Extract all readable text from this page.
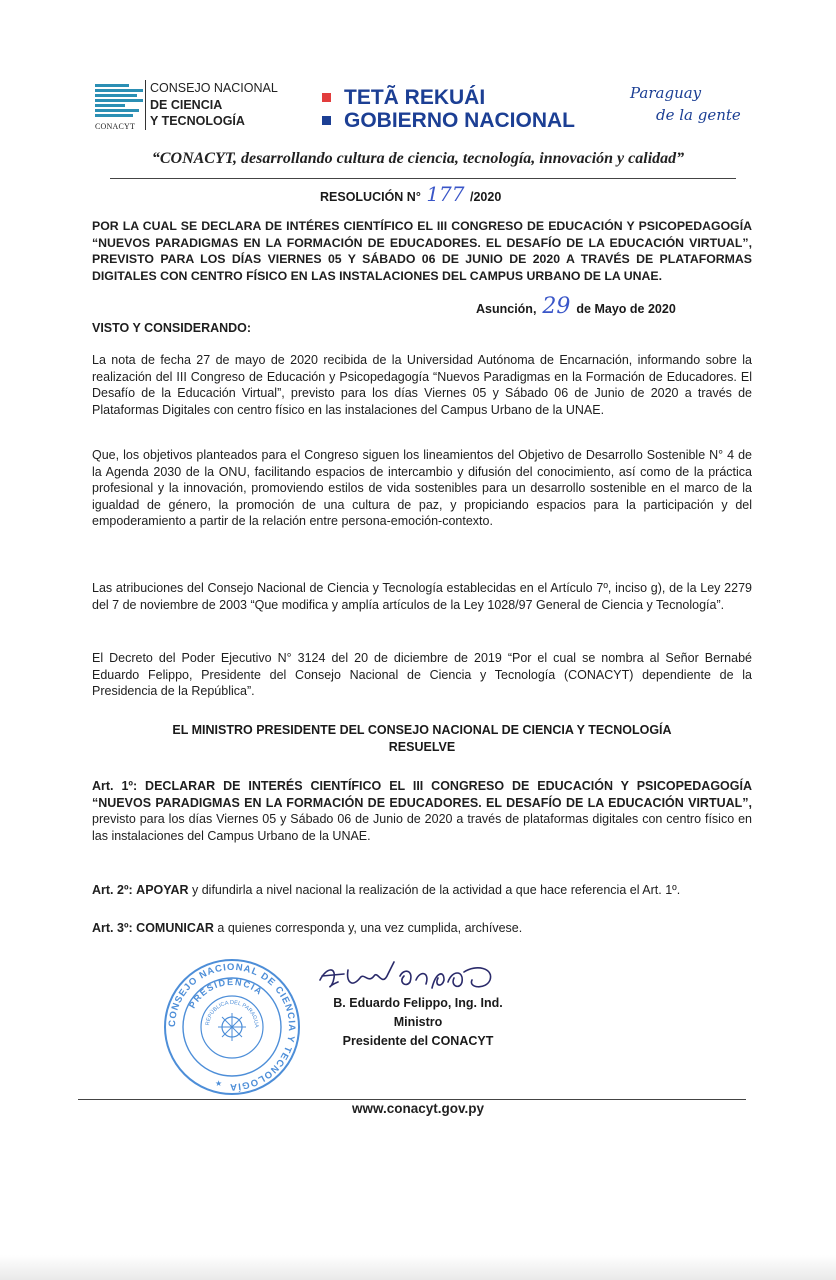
CONACYT
CONSEJO NACIONAL
DE CIENCIA
Y TECNOLOGÍA
TETÃ REKUÁI
GOBIERNO NACIONAL
Paraguay
de la gente
“CONACYT, desarrollando cultura de ciencia, tecnología, innovación y calidad”
RESOLUCIÓN N° 177 /2020
POR LA CUAL SE DECLARA DE INTÉRES CIENTÍFICO EL III CONGRESO DE EDUCACIÓN Y PSICOPEDAGOGÍA “NUEVOS PARADIGMAS EN LA FORMACIÓN DE EDUCADORES. EL DESAFÍO DE LA EDUCACIÓN VIRTUAL”, PREVISTO PARA LOS DÍAS VIERNES 05 Y SÁBADO 06 DE JUNIO DE 2020 A TRAVÉS DE PLATAFORMAS DIGITALES CON CENTRO FÍSICO EN LAS INSTALACIONES DEL CAMPUS URBANO DE LA UNAE.
Asunción, 29 de Mayo de 2020
VISTO Y CONSIDERANDO:
La nota de fecha 27 de mayo de 2020 recibida de la Universidad Autónoma de Encarnación, informando sobre la realización del III Congreso de Educación y Psicopedagogía “Nuevos Paradigmas en la Formación de Educadores. El Desafío de la Educación Virtual”, previsto para los días Viernes 05 y Sábado 06 de Junio de 2020 a través de Plataformas Digitales con centro físico en las instalaciones del Campus Urbano de la UNAE.
Que, los objetivos planteados para el Congreso siguen los lineamientos del Objetivo de Desarrollo Sostenible N° 4 de la Agenda 2030 de la ONU, facilitando espacios de intercambio y difusión del conocimiento, así como de la práctica profesional y la innovación, promoviendo estilos de vida sostenibles para un desarrollo sostenible en el marco de la igualdad de género, la promoción de una cultura de paz, y propiciando espacios para la participación y del empoderamiento a partir de la relación entre persona-emoción-contexto.
Las atribuciones del Consejo Nacional de Ciencia y Tecnología establecidas en el Artículo 7º, inciso g), de la Ley 2279 del 7 de noviembre de 2003 “Que modifica y amplía artículos de la Ley 1028/97 General de Ciencia y Tecnología”.
El Decreto del Poder Ejecutivo N° 3124 del 20 de diciembre de 2019 “Por el cual se nombra al Señor Bernabé Eduardo Felippo, Presidente del Consejo Nacional de Ciencia y Tecnología (CONACYT) dependiente de la Presidencia de la República”.
EL MINISTRO PRESIDENTE DEL CONSEJO NACIONAL DE CIENCIA Y TECNOLOGÍA
RESUELVE
Art. 1º: DECLARAR DE INTERÉS CIENTÍFICO EL III CONGRESO DE EDUCACIÓN Y PSICOPEDAGOGÍA “NUEVOS PARADIGMAS EN LA FORMACIÓN DE EDUCADORES. EL DESAFÍO DE LA EDUCACIÓN VIRTUAL”, previsto para los días Viernes 05 y Sábado 06 de Junio de 2020 a través de plataformas digitales con centro físico en las instalaciones del Campus Urbano de la UNAE.
Art. 2º: APOYAR y difundirla a nivel nacional la realización de la actividad a que hace referencia el Art. 1º.
Art. 3º: COMUNICAR a quienes corresponda y, una vez cumplida, archívese.
CONSEJO NACIONAL DE CIENCIA Y TECNOLOGÍA
PRESIDENCIA
REPÚBLICA DEL PARAGUA
★
B. Eduardo Felippo, Ing. Ind.
Ministro
Presidente del CONACYT
www.conacyt.gov.py
